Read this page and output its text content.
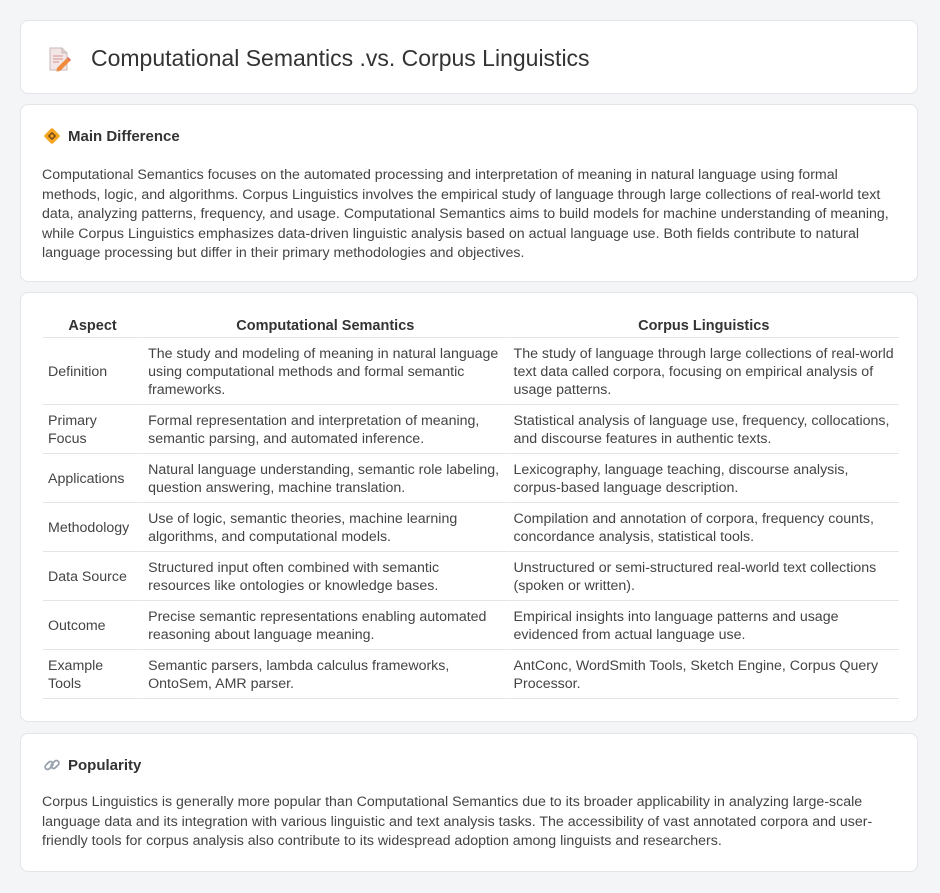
Computational Semantics .vs. Corpus Linguistics
Main Difference
Computational Semantics focuses on the automated processing and interpretation of meaning in natural language using formal methods, logic, and algorithms. Corpus Linguistics involves the empirical study of language through large collections of real-world text data, analyzing patterns, frequency, and usage. Computational Semantics aims to build models for machine understanding of meaning, while Corpus Linguistics emphasizes data-driven linguistic analysis based on actual language use. Both fields contribute to natural language processing but differ in their primary methodologies and objectives.
Aspect	Computational Semantics	Corpus Linguistics
Definition	The study and modeling of meaning in natural language using computational methods and formal semantic frameworks.	The study of language through large collections of real-world text data called corpora, focusing on empirical analysis of usage patterns.
Primary Focus	Formal representation and interpretation of meaning, semantic parsing, and automated inference.	Statistical analysis of language use, frequency, collocations, and discourse features in authentic texts.
Applications	Natural language understanding, semantic role labeling, question answering, machine translation.	Lexicography, language teaching, discourse analysis, corpus-based language description.
Methodology	Use of logic, semantic theories, machine learning algorithms, and computational models.	Compilation and annotation of corpora, frequency counts, concordance analysis, statistical tools.
Data Source	Structured input often combined with semantic resources like ontologies or knowledge bases.	Unstructured or semi-structured real-world text collections (spoken or written).
Outcome	Precise semantic representations enabling automated reasoning about language meaning.	Empirical insights into language patterns and usage evidenced from actual language use.
Example Tools	Semantic parsers, lambda calculus frameworks, OntoSem, AMR parser.	AntConc, WordSmith Tools, Sketch Engine, Corpus Query Processor.
Popularity
Corpus Linguistics is generally more popular than Computational Semantics due to its broader applicability in analyzing large-scale language data and its integration with various linguistic and text analysis tasks. The accessibility of vast annotated corpora and user-friendly tools for corpus analysis also contribute to its widespread adoption among linguists and researchers.
